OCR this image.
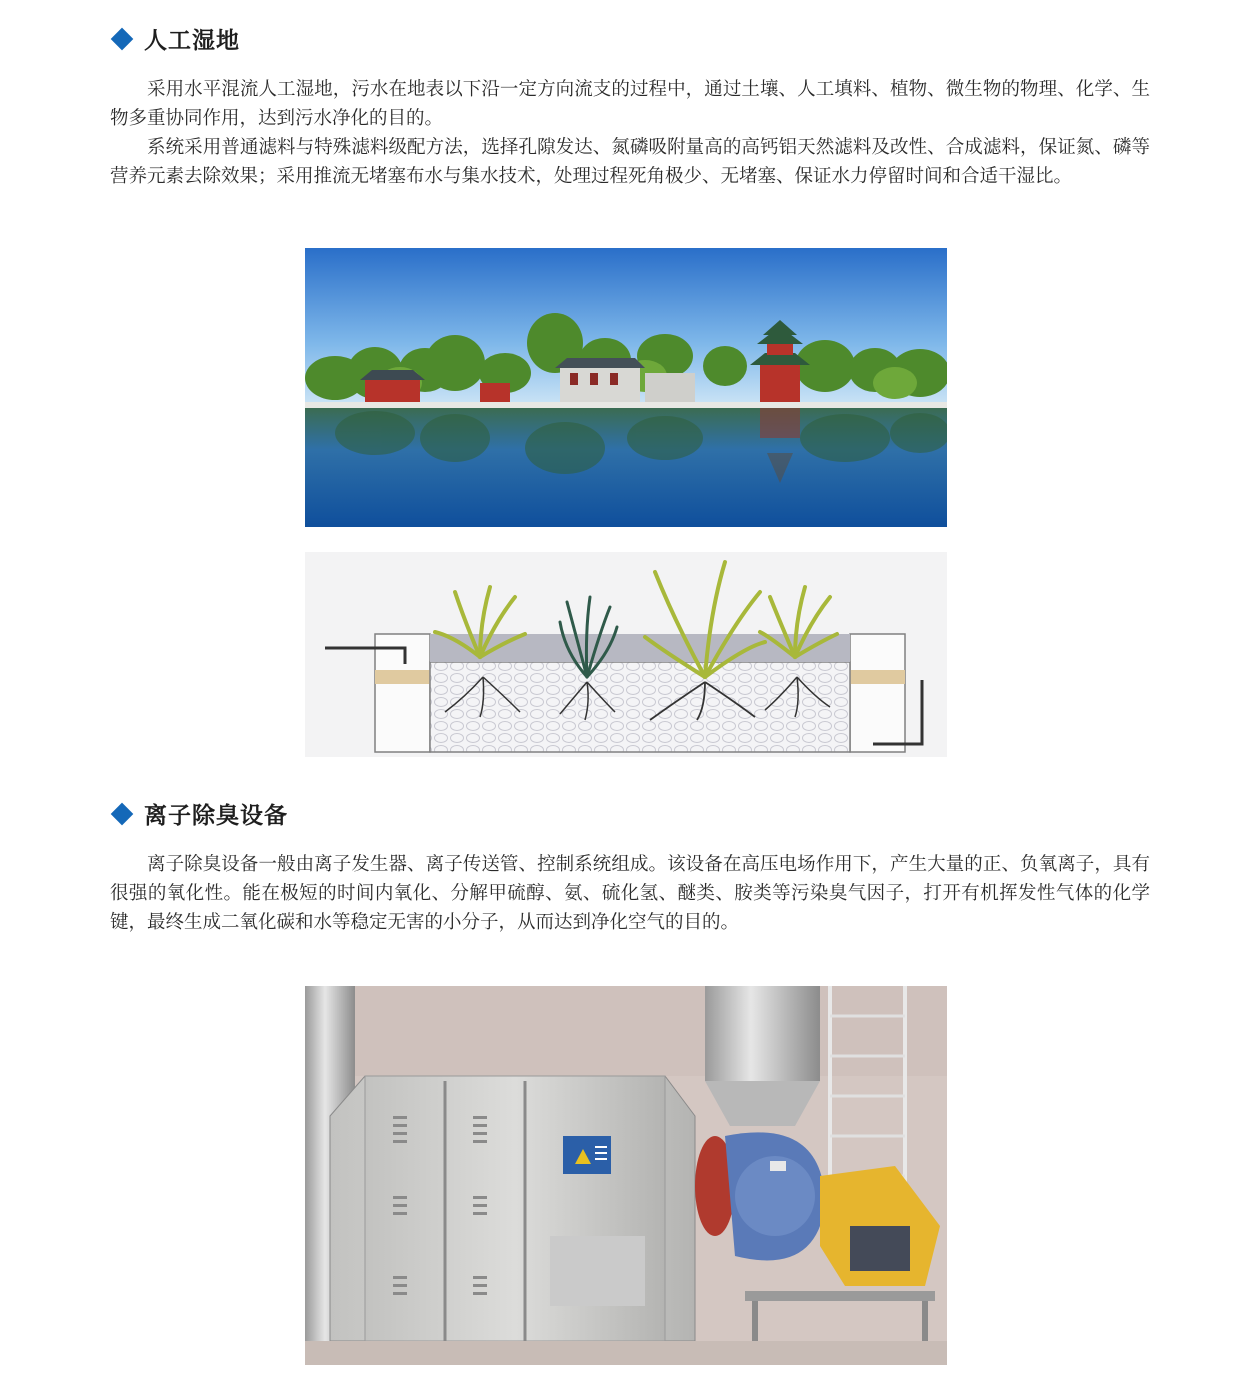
人工湿地

采用水平混流人工湿地，污水在地表以下沿一定方向流支的过程中，通过土壤、人工填料、植物、微生物的物理、化学、生物多重协同作用，达到污水净化的目的。

系统采用普通滤料与特殊滤料级配方法，选择孔隙发达、氮磷吸附量高的高钙铝天然滤料及改性、合成滤料，保证氮、磷等营养元素去除效果；采用推流无堵塞布水与集水技术，处理过程死角极少、无堵塞、保证水力停留时间和合适干湿比。

离子除臭设备

离子除臭设备一般由离子发生器、离子传送管、控制系统组成。该设备在高压电场作用下，产生大量的正、负氧离子，具有很强的氧化性。能在极短的时间内氧化、分解甲硫醇、氨、硫化氢、醚类、胺类等污染臭气因子，打开有机挥发性气体的化学键，最终生成二氧化碳和水等稳定无害的小分子，从而达到净化空气的目的。
